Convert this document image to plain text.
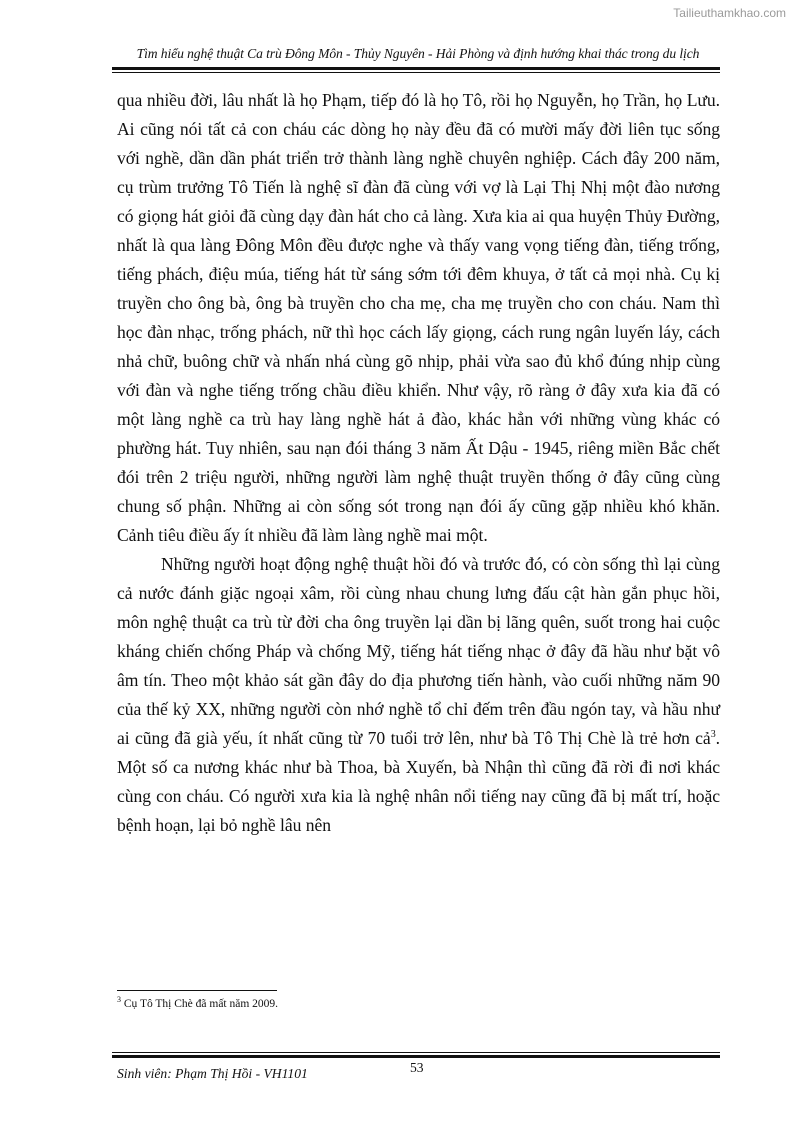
Tailieuthamkhao.com
Tìm hiểu nghệ thuật Ca trù Đông Môn - Thủy Nguyên - Hải Phòng và định hướng khai thác trong du lịch

qua nhiều đời, lâu nhất là họ Phạm, tiếp đó là họ Tô, rồi họ Nguyễn, họ Trần, họ Lưu. Ai cũng nói tất cả con cháu các dòng họ này đều đã có mười mấy đời liên tục sống với nghề, dần dần phát triển trở thành làng nghề chuyên nghiệp. Cách đây 200 năm, cụ trùm trưởng Tô Tiến là nghệ sĩ đàn đã cùng với vợ là Lại Thị Nhị một đào nương có giọng hát giỏi đã cùng dạy đàn hát cho cả làng. Xưa kia ai qua huyện Thủy Đường, nhất là qua làng Đông Môn đều được nghe và thấy vang vọng tiếng đàn, tiếng trống, tiếng phách, điệu múa, tiếng hát từ sáng sớm tới đêm khuya, ở tất cả mọi nhà. Cụ kị truyền cho ông bà, ông bà truyền cho cha mẹ, cha mẹ truyền cho con cháu. Nam thì học đàn nhạc, trống phách, nữ thì học cách lấy giọng, cách rung ngân luyến láy, cách nhả chữ, buông chữ và nhấn nhá cùng gõ nhịp, phải vừa sao đủ khổ đúng nhịp cùng với đàn và nghe tiếng trống chầu điều khiển. Như vậy, rõ ràng ở đây xưa kia đã có một làng nghề ca trù hay làng nghề hát ả đào, khác hẳn với những vùng khác có phường hát. Tuy nhiên, sau nạn đói tháng 3 năm Ất Dậu - 1945, riêng miền Bắc chết đói trên 2 triệu người, những người làm nghệ thuật truyền thống ở đây cũng cùng chung số phận. Những ai còn sống sót trong nạn đói ấy cũng gặp nhiều khó khăn. Cảnh tiêu điều ấy ít nhiều đã làm làng nghề mai một.

Những người hoạt động nghệ thuật hồi đó và trước đó, có còn sống thì lại cùng cả nước đánh giặc ngoại xâm, rồi cùng nhau chung lưng đấu cật hàn gắn phục hồi, môn nghệ thuật ca trù từ đời cha ông truyền lại dần bị lãng quên, suốt trong hai cuộc kháng chiến chống Pháp và chống Mỹ, tiếng hát tiếng nhạc ở đây đã hầu như bặt vô âm tín. Theo một khảo sát gần đây do địa phương tiến hành, vào cuối những năm 90 của thế kỷ XX, những người còn nhớ nghề tổ chỉ đếm trên đầu ngón tay, và hầu như ai cũng đã già yếu, ít nhất cũng từ 70 tuổi trở lên, như bà Tô Thị Chè là trẻ hơn cả$^3$. Một số ca nương khác như bà Thoa, bà Xuyến, bà Nhận thì cũng đã rời đi nơi khác cùng con cháu. Có người xưa kia là nghệ nhân nổi tiếng nay cũng đã bị mất trí, hoặc bệnh hoạn, lại bỏ nghề lâu nên

$^3$ Cụ Tô Thị Chè đã mất năm 2009.
Sinh viên: Phạm Thị Hồi - VH1101	53
